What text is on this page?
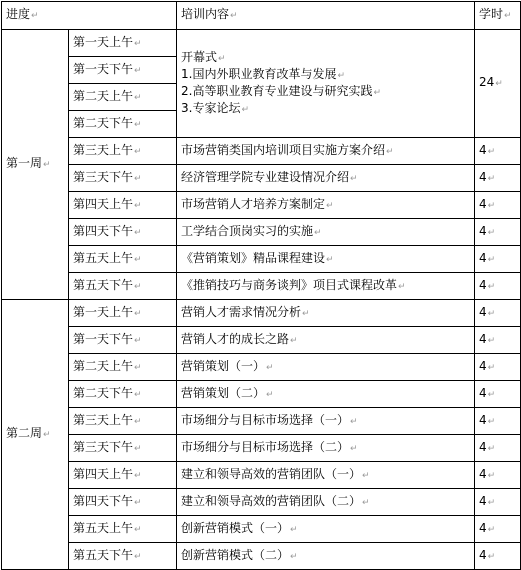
进度↵		培训内容↵	学时↵
第一周↵	第一天上午↵	开幕式↵
1.国内外职业教育改革与发展↵
2.高等职业教育专业建设与研究实践↵
3.专家论坛↵	24↵
	第一天下午↵		
	第二天上午↵		
	第二天下午↵		
	第三天上午↵	市场营销类国内培训项目实施方案介绍↵	4↵
	第三天下午↵	经济管理学院专业建设情况介绍↵	4↵
	第四天上午↵	市场营销人才培养方案制定↵	4↵
	第四天下午↵	工学结合顶岗实习的实施↵	4↵
	第五天上午↵	《营销策划》精品课程建设↵	4↵
	第五天下午↵	《推销技巧与商务谈判》项目式课程改革↵	4↵
第二周↵	第一天上午↵	营销人才需求情况分析↵	4↵
	第一天下午↵	营销人才的成长之路↵	4↵
	第二天上午↵	营销策划（一）↵	4↵
	第二天下午↵	营销策划（二）↵	4↵
	第三天上午↵	市场细分与目标市场选择（一）↵	4↵
	第三天下午↵	市场细分与目标市场选择（二）↵	4↵
	第四天上午↵	建立和领导高效的营销团队（一）↵	4↵
	第四天下午↵	建立和领导高效的营销团队（二）↵	4↵
	第五天上午↵	创新营销模式（一）↵	4↵
	第五天下午↵	创新营销模式（二）↵	4↵
